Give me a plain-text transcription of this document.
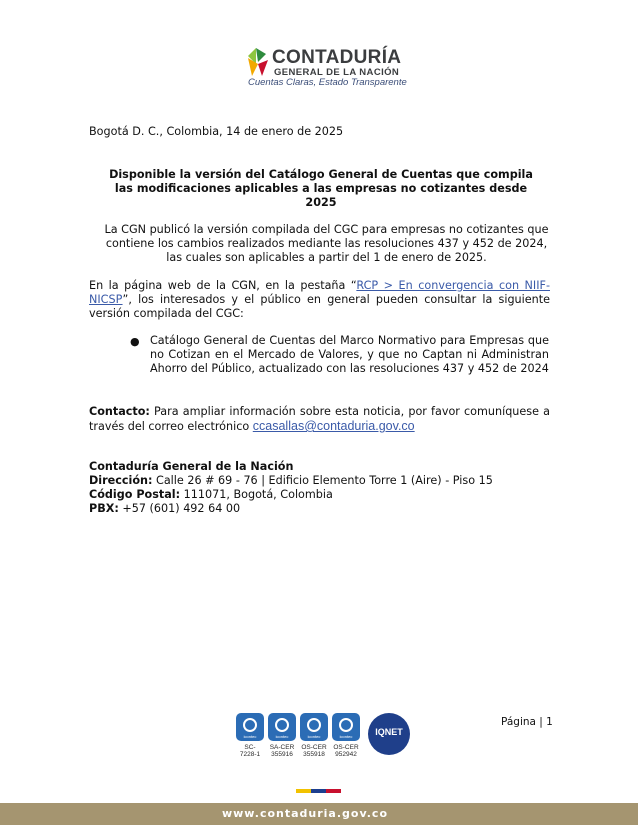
CONTADURÍA
GENERAL DE LA NACIÓN
Cuentas Claras, Estado Transparente
Bogotá D. C., Colombia, 14 de enero de 2025
Disponible la versión del Catálogo General de Cuentas que compila las modificaciones aplicables a las empresas no cotizantes desde 2025
La CGN publicó la versión compilada del CGC para empresas no cotizantes que contiene los cambios realizados mediante las resoluciones 437 y 452 de 2024, las cuales son aplicables a partir del 1 de enero de 2025.
En la página web de la CGN, en la pestaña “RCP > En convergencia con NIIF-NICSP”, los interesados y el público en general pueden consultar la siguiente versión compilada del CGC:
● Catálogo General de Cuentas del Marco Normativo para Empresas que no Cotizan en el Mercado de Valores, y que no Captan ni Administran Ahorro del Público, actualizado con las resoluciones 437 y 452 de 2024
Contacto: Para ampliar información sobre esta noticia, por favor comuníquese a través del correo electrónico ccasallas@contaduria.gov.co
Contaduría General de la Nación
Dirección: Calle 26 # 69 - 76 | Edificio Elemento Torre 1 (Aire) - Piso 15
Código Postal: 111071, Bogotá, Colombia
PBX: +57 (601) 492 64 00
Página | 1
icontec	icontec	icontec	icontec
SC-
7228-1
SA-CER
355916
OS-CER
355918
OS-CER
952942
IQNET
www.contaduria.gov.co
